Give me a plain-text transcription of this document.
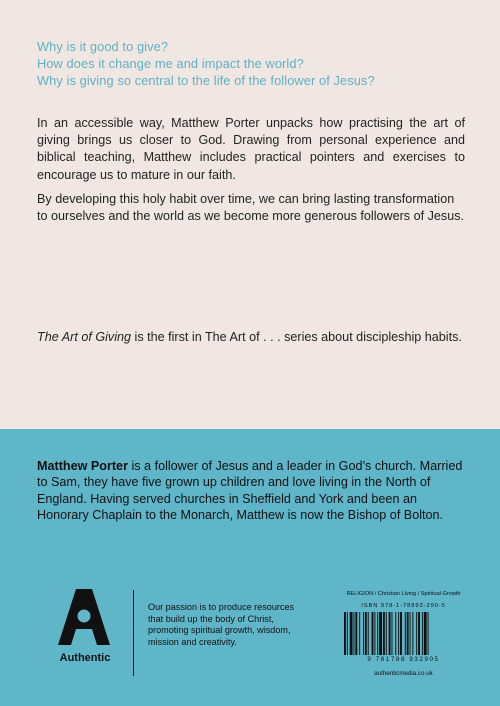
Why is it good to give?
How does it change me and impact the world?
Why is giving so central to the life of the follower of Jesus?

In an accessible way, Matthew Porter unpacks how practising the art of giving brings us closer to God. Drawing from personal experience and biblical teaching, Matthew includes practical pointers and exercises to encourage us to mature in our faith.

By developing this holy habit over time, we can bring lasting transformation to ourselves and the world as we become more generous followers of Jesus.

The Art of Giving is the first in The Art of . . . series about discipleship habits.

Matthew Porter is a follower of Jesus and a leader in God’s church. Married to Sam, they have five grown up children and love living in the North of England. Having served churches in Sheffield and York and been an Honorary Chaplain to the Monarch, Matthew is now the Bishop of Bolton.

Authentic

Our passion is to produce resources that build up the body of Christ, promoting spiritual growth, wisdom, mission and creativity.

RELIGION / Christian Living / Spiritual Growth
ISBN 978-1-78893-290-5
9 781788 932905
authenticmedia.co.uk
